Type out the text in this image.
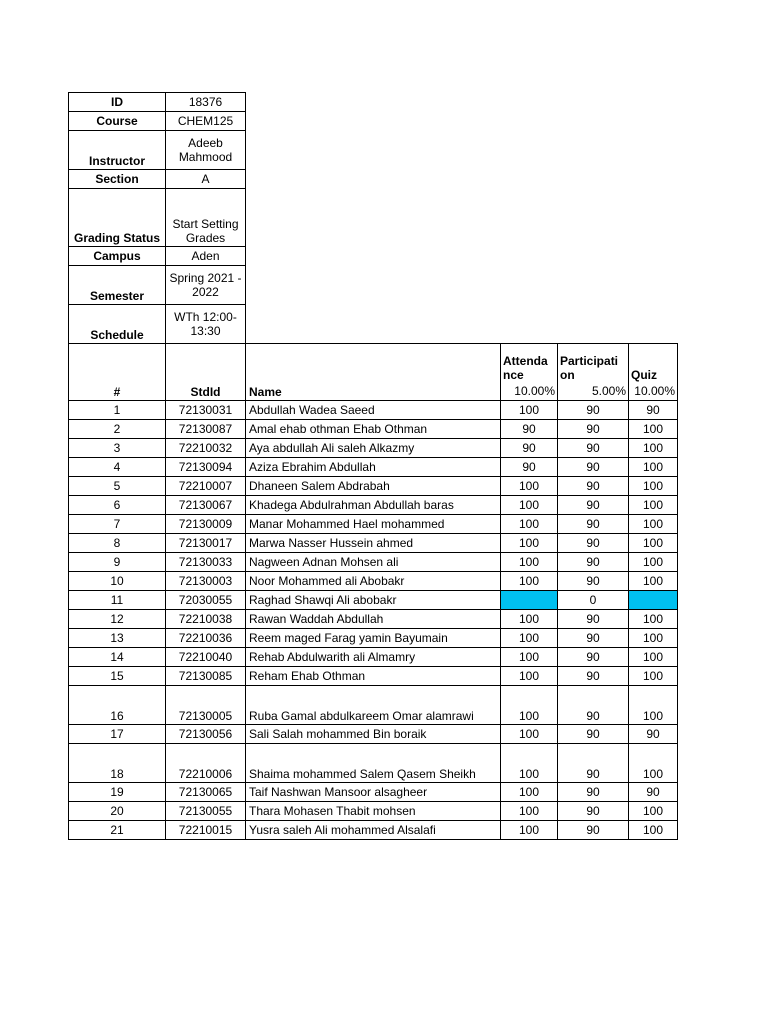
ID	18376				
Course	CHEM125				
Instructor	Adeeb Mahmood				
Section	A				
Grading Status	Start Setting Grades				
Campus	Aden				
Semester	Spring 2021 - 2022				
Schedule	WTh 12:00-13:30				
#	StdId	Name	Attenda nce	Participati on	Quiz
			10.00%	5.00%	10.00%
1	72130031	Abdullah Wadea Saeed	100	90	90
2	72130087	Amal ehab othman Ehab Othman	90	90	100
3	72210032	Aya abdullah Ali saleh Alkazmy	90	90	100
4	72130094	Aziza Ebrahim Abdullah	90	90	100
5	72210007	Dhaneen Salem Abdrabah	100	90	100
6	72130067	Khadega Abdulrahman Abdullah baras	100	90	100
7	72130009	Manar Mohammed Hael mohammed	100	90	100
8	72130017	Marwa Nasser Hussein ahmed	100	90	100
9	72130033	Nagween Adnan Mohsen ali	100	90	100
10	72130003	Noor Mohammed ali Abobakr	100	90	100
11	72030055	Raghad Shawqi Ali abobakr		0	
12	72210038	Rawan Waddah Abdullah	100	90	100
13	72210036	Reem maged Farag yamin Bayumain	100	90	100
14	72210040	Rehab Abdulwarith ali Almamry	100	90	100
15	72130085	Reham Ehab Othman	100	90	100
16	72130005	Ruba Gamal abdulkareem Omar alamrawi	100	90	100
17	72130056	Sali Salah mohammed Bin boraik	100	90	90
18	72210006	Shaima mohammed Salem Qasem Sheikh	100	90	100
19	72130065	Taif Nashwan Mansoor alsagheer	100	90	90
20	72130055	Thara Mohasen Thabit mohsen	100	90	100
21	72210015	Yusra saleh Ali mohammed Alsalafi	100	90	100
